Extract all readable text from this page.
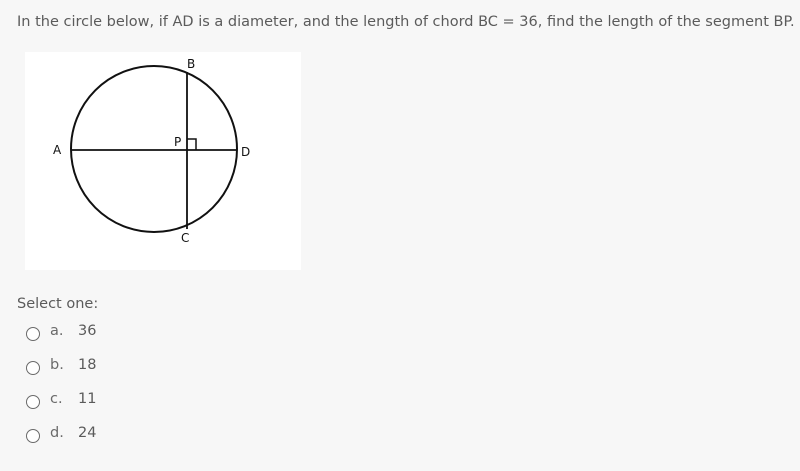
In the circle below, if AD is a diameter, and the length of chord BC = 36, find the length of the segment BP.
B
C
A	D
P
Select one:
a. 36
b. 18
c. 11
d. 24
